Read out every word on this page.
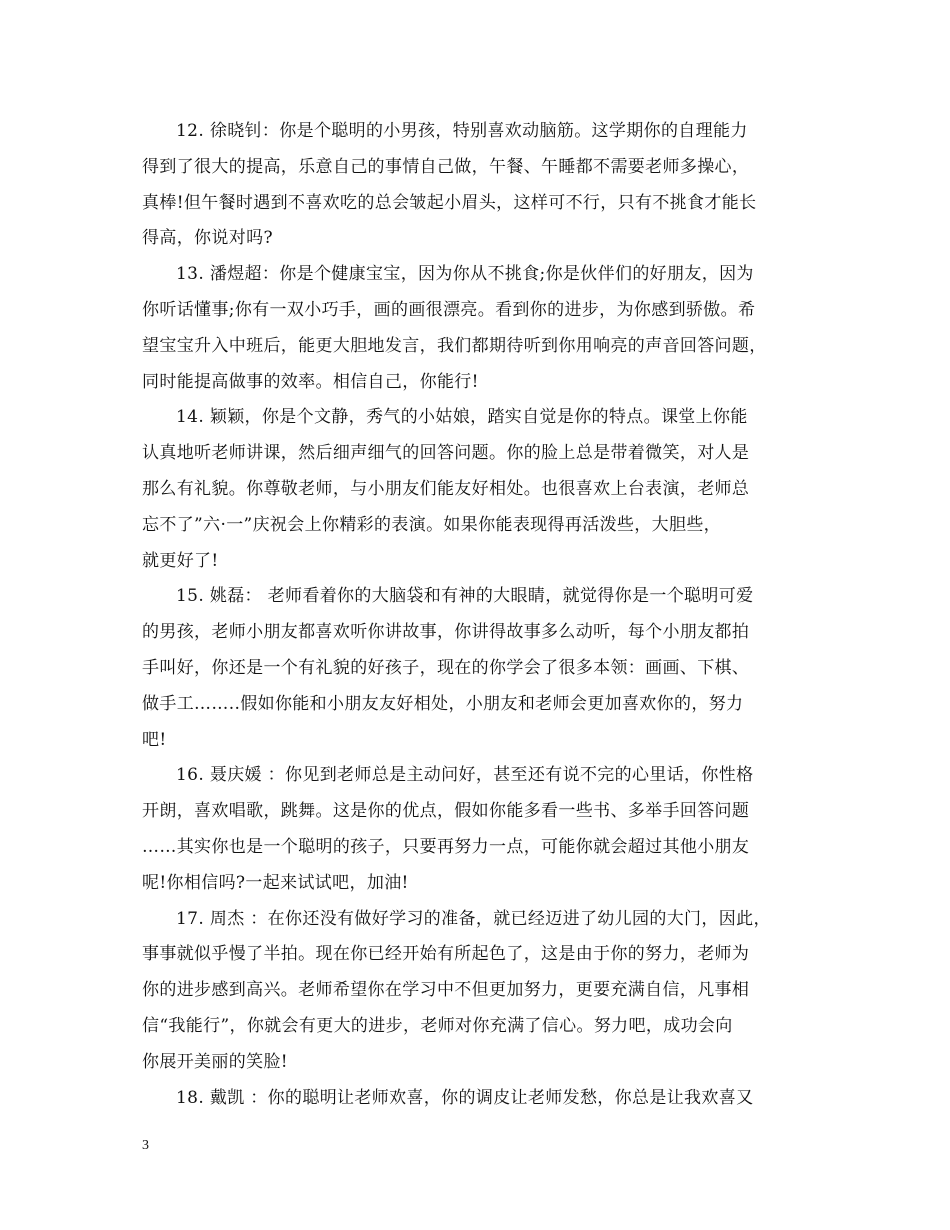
12. 徐晓钊：你是个聪明的小男孩，特别喜欢动脑筋。这学期你的自理能力
得到了很大的提高，乐意自己的事情自己做，午餐、午睡都不需要老师多操心，
真棒!但午餐时遇到不喜欢吃的总会皱起小眉头，这样可不行，只有不挑食才能长
得高，你说对吗?

13. 潘煜超：你是个健康宝宝，因为你从不挑食;你是伙伴们的好朋友，因为
你听话懂事;你有一双小巧手，画的画很漂亮。看到你的进步，为你感到骄傲。希
望宝宝升入中班后，能更大胆地发言，我们都期待听到你用响亮的声音回答问题，
同时能提高做事的效率。相信自己，你能行!

14. 颖颖，你是个文静，秀气的小姑娘，踏实自觉是你的特点。课堂上你能
认真地听老师讲课，然后细声细气的回答问题。你的脸上总是带着微笑，对人是
那么有礼貌。你尊敬老师，与小朋友们能友好相处。也很喜欢上台表演，老师总
忘不了”六·一”庆祝会上你精彩的表演。如果你能表现得再活泼些，大胆些，
就更好了!

15. 姚磊： 老师看着你的大脑袋和有神的大眼睛，就觉得你是一个聪明可爱
的男孩，老师小朋友都喜欢听你讲故事，你讲得故事多么动听，每个小朋友都拍
手叫好，你还是一个有礼貌的好孩子，现在的你学会了很多本领：画画、下棋、
做手工……..假如你能和小朋友友好相处，小朋友和老师会更加喜欢你的，努力
吧!

16. 聂庆媛 ：你见到老师总是主动问好，甚至还有说不完的心里话，你性格
开朗，喜欢唱歌，跳舞。这是你的优点，假如你能多看一些书、多举手回答问题
……其实你也是一个聪明的孩子，只要再努力一点，可能你就会超过其他小朋友
呢!你相信吗?一起来试试吧，加油!

17. 周杰 ：在你还没有做好学习的准备，就已经迈进了幼儿园的大门，因此，
事事就似乎慢了半拍。现在你已经开始有所起色了，这是由于你的努力，老师为
你的进步感到高兴。老师希望你在学习中不但更加努力，更要充满自信，凡事相
信“我能行”，你就会有更大的进步，老师对你充满了信心。努力吧，成功会向
你展开美丽的笑脸!

18. 戴凯 ：你的聪明让老师欢喜，你的调皮让老师发愁，你总是让我欢喜又

3
